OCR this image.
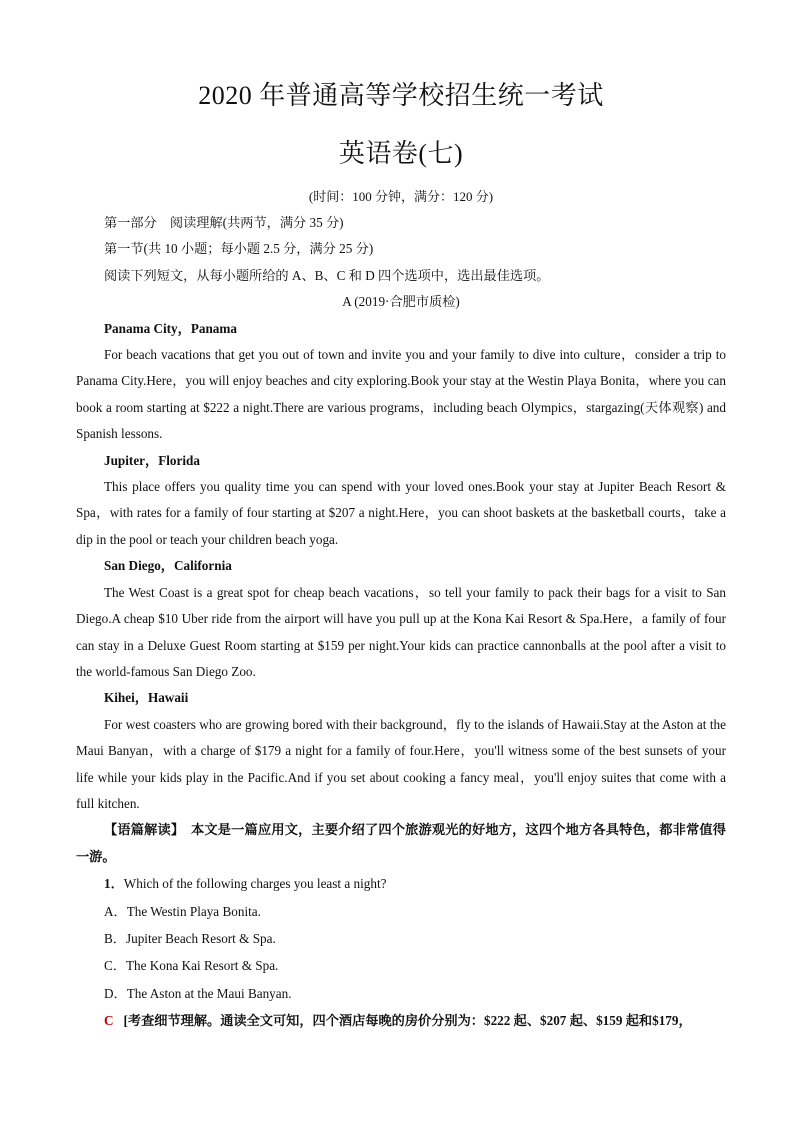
2020 年普通高等学校招生统一考试
英语卷(七)
(时间：100 分钟，满分：120 分)

第一部分　阅读理解(共两节，满分 35 分)

第一节(共 10 小题；每小题 2.5 分，满分 25 分)

阅读下列短文，从每小题所给的 A、B、C 和 D 四个选项中，选出最佳选项。

A (2019·合肥市质检)

Panama City，Panama

For beach vacations that get you out of town and invite you and your family to dive into culture，consider a trip to Panama City.Here，you will enjoy beaches and city exploring.Book your stay at the Westin Playa Bonita，where you can book a room starting at $222 a night.There are various programs，including beach Olympics，stargazing(天体观察) and Spanish lessons.

Jupiter，Florida

This place offers you quality time you can spend with your loved ones.Book your stay at Jupiter Beach Resort & Spa，with rates for a family of four starting at $207 a night.Here，you can shoot baskets at the basketball courts，take a dip in the pool or teach your children beach yoga.

San Diego，California

The West Coast is a great spot for cheap beach vacations，so tell your family to pack their bags for a visit to San Diego.A cheap $10 Uber ride from the airport will have you pull up at the Kona Kai Resort & Spa.Here，a family of four can stay in a Deluxe Guest Room starting at $159 per night.Your kids can practice cannonballs at the pool after a visit to the world-famous San Diego Zoo.

Kihei，Hawaii

For west coasters who are growing bored with their background，fly to the islands of Hawaii.Stay at the Aston at the Maui Banyan，with a charge of $179 a night for a family of four.Here，you'll witness some of the best sunsets of your life while your kids play in the Pacific.And if you set about cooking a fancy meal，you'll enjoy suites that come with a full kitchen.

【语篇解读】　本文是一篇应用文，主要介绍了四个旅游观光的好地方，这四个地方各具特色，都非常值得一游。

1．Which of the following charges you least a night?

A．The Westin Playa Bonita.

B．Jupiter Beach Resort & Spa.

C．The Kona Kai Resort & Spa.

D．The Aston at the Maui Banyan.

C [考查细节理解。通读全文可知，四个酒店每晚的房价分别为：$222 起、$207 起、$159 起和$179，
